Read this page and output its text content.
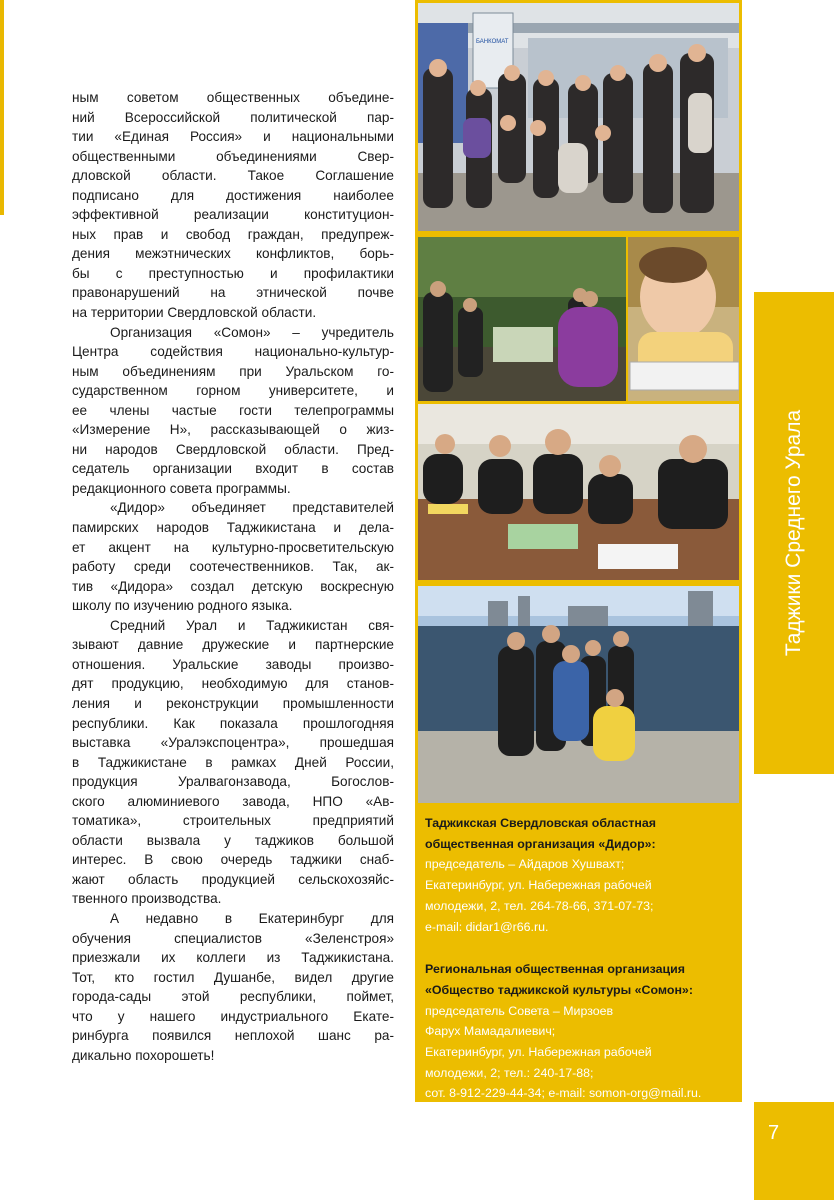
ным советом общественных объедине-
ний Всероссийской политической пар-
тии «Единая Россия» и национальными
общественными объединениями Свер-
дловской области. Такое Соглашение
подписано для достижения наиболее
эффективной реализации конституцион-
ных прав и свобод граждан, предупреж-
дения межэтнических конфликтов, борь-
бы с преступностью и профилактики
правонарушений на этнической почве
на территории Свердловской области.

Организация «Сомон» – учредитель
Центра содействия национально-культур-
ным объединениям при Уральском го-
сударственном горном университете, и
ее члены частые гости телепрограммы
«Измерение Н», рассказывающей о жиз-
ни народов Свердловской области. Пред-
седатель организации входит в состав
редакционного совета программы.

«Дидор» объединяет представителей
памирских народов Таджикистана и дела-
ет акцент на культурно-просветительскую
работу среди соотечественников. Так, ак-
тив «Дидора» создал детскую воскресную
школу по изучению родного языка.

Средний Урал и Таджикистан свя-
зывают давние дружеские и партнерские
отношения. Уральские заводы произво-
дят продукцию, необходимую для станов-
ления и реконструкции промышленности
республики. Как показала прошлогодняя
выставка «Уралэкспоцентра», прошедшая
в Таджикистане в рамках Дней России,
продукция Уралвагонзавода, Богослов-
ского алюминиевого завода, НПО «Ав-
томатика», строительных предприятий
области вызвала у таджиков большой
интерес. В свою очередь таджики снаб-
жают область продукцией сельскохозяйс-
твенного производства.

А недавно в Екатеринбург для
обучения специалистов «Зеленстроя»
приезжали их коллеги из Таджикистана.
Тот, кто гостил Душанбе, видел другие
города-сады этой республики, поймет,
что у нашего индустриального Екате-
ринбурга появился неплохой шанс ра-
дикально похорошеть!

БАНКОМАТ
Таджикская Свердловская областная
общественная организация «Дидор»:
председатель – Айдаров Хушвахт;
Екатеринбург, ул. Набережная рабочей
молодежи, 2, тел. 264-78-66, 371-07-73;
e-mail: didar1@r66.ru.
Региональная общественная организация
«Общество таджикской культуры «Сомон»:
председатель Совета – Мирзоев
Фарух Мамадалиевич;
Екатеринбург, ул. Набережная рабочей
молодежи, 2; тел.: 240-17-88;
сот. 8-912-229-44-34; e-mail: somon-org@mail.ru.
Таджики Среднего Урала
7
